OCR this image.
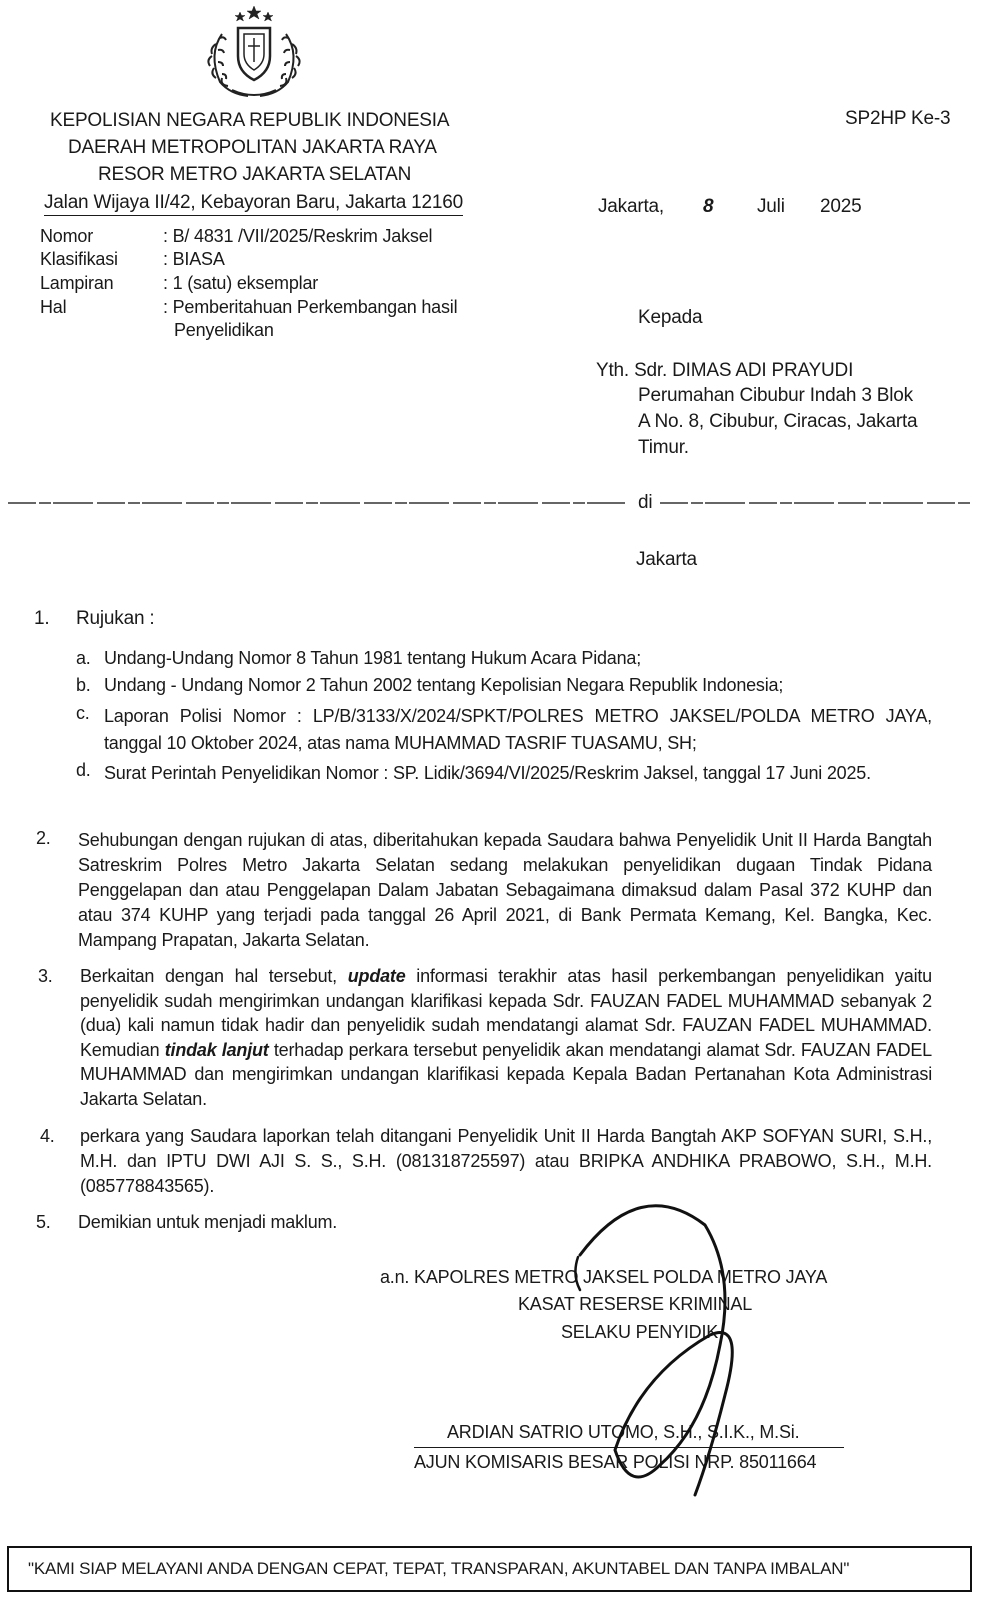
KEPOLISIAN NEGARA REPUBLIK INDONESIA
DAERAH METROPOLITAN JAKARTA RAYA
RESOR METRO JAKARTA SELATAN
Jalan Wijaya II/42, Kebayoran Baru, Jakarta 12160
SP2HP Ke-3
Jakarta, 8 Juli 2025
Nomor	: B/ 4831 /VII/2025/Reskrim Jaksel
Klasifikasi	: BIASA
Lampiran	: 1 (satu) eksemplar
Hal	: Pemberitahuan Perkembangan hasil
Penyelidikan
Kepada
Yth. Sdr. DIMAS ADI PRAYUDI
Perumahan Cibubur Indah 3 Blok
A No. 8, Cibubur, Ciracas, Jakarta
Timur.
di
Jakarta
1. Rujukan :
a. Undang-Undang Nomor 8 Tahun 1981 tentang Hukum Acara Pidana;
b. Undang - Undang Nomor 2 Tahun 2002 tentang Kepolisian Negara Republik Indonesia;
c. Laporan Polisi Nomor : LP/B/3133/X/2024/SPKT/POLRES METRO JAKSEL/POLDA METRO JAYA, tanggal 10 Oktober 2024, atas nama MUHAMMAD TASRIF TUASAMU, SH;
d. Surat Perintah Penyelidikan Nomor : SP. Lidik/3694/VI/2025/Reskrim Jaksel, tanggal 17 Juni 2025.
2. Sehubungan dengan rujukan di atas, diberitahukan kepada Saudara bahwa Penyelidik Unit II Harda Bangtah Satreskrim Polres Metro Jakarta Selatan sedang melakukan penyelidikan dugaan Tindak Pidana Penggelapan dan atau Penggelapan Dalam Jabatan Sebagaimana dimaksud dalam Pasal 372 KUHP dan atau 374 KUHP yang terjadi pada tanggal 26 April 2021, di Bank Permata Kemang, Kel. Bangka, Kec. Mampang Prapatan, Jakarta Selatan.
3. Berkaitan dengan hal tersebut, update informasi terakhir atas hasil perkembangan penyelidikan yaitu penyelidik sudah mengirimkan undangan klarifikasi kepada Sdr. FAUZAN FADEL MUHAMMAD sebanyak 2 (dua) kali namun tidak hadir dan penyelidik sudah mendatangi alamat Sdr. FAUZAN FADEL MUHAMMAD. Kemudian tindak lanjut terhadap perkara tersebut penyelidik akan mendatangi alamat Sdr. FAUZAN FADEL MUHAMMAD dan mengirimkan undangan klarifikasi kepada Kepala Badan Pertanahan Kota Administrasi Jakarta Selatan.
4. perkara yang Saudara laporkan telah ditangani Penyelidik Unit II Harda Bangtah AKP SOFYAN SURI, S.H., M.H. dan IPTU DWI AJI S. S., S.H. (081318725597) atau BRIPKA ANDHIKA PRABOWO, S.H., M.H. (085778843565).
5. Demikian untuk menjadi maklum.
a.n. KAPOLRES METRO JAKSEL POLDA METRO JAYA
KASAT RESERSE KRIMINAL
SELAKU PENYIDIK
ARDIAN SATRIO UTOMO, S.H., S.I.K., M.Si.
AJUN KOMISARIS BESAR POLISI NRP. 85011664
"KAMI SIAP MELAYANI ANDA DENGAN CEPAT, TEPAT, TRANSPARAN, AKUNTABEL DAN TANPA IMBALAN"
